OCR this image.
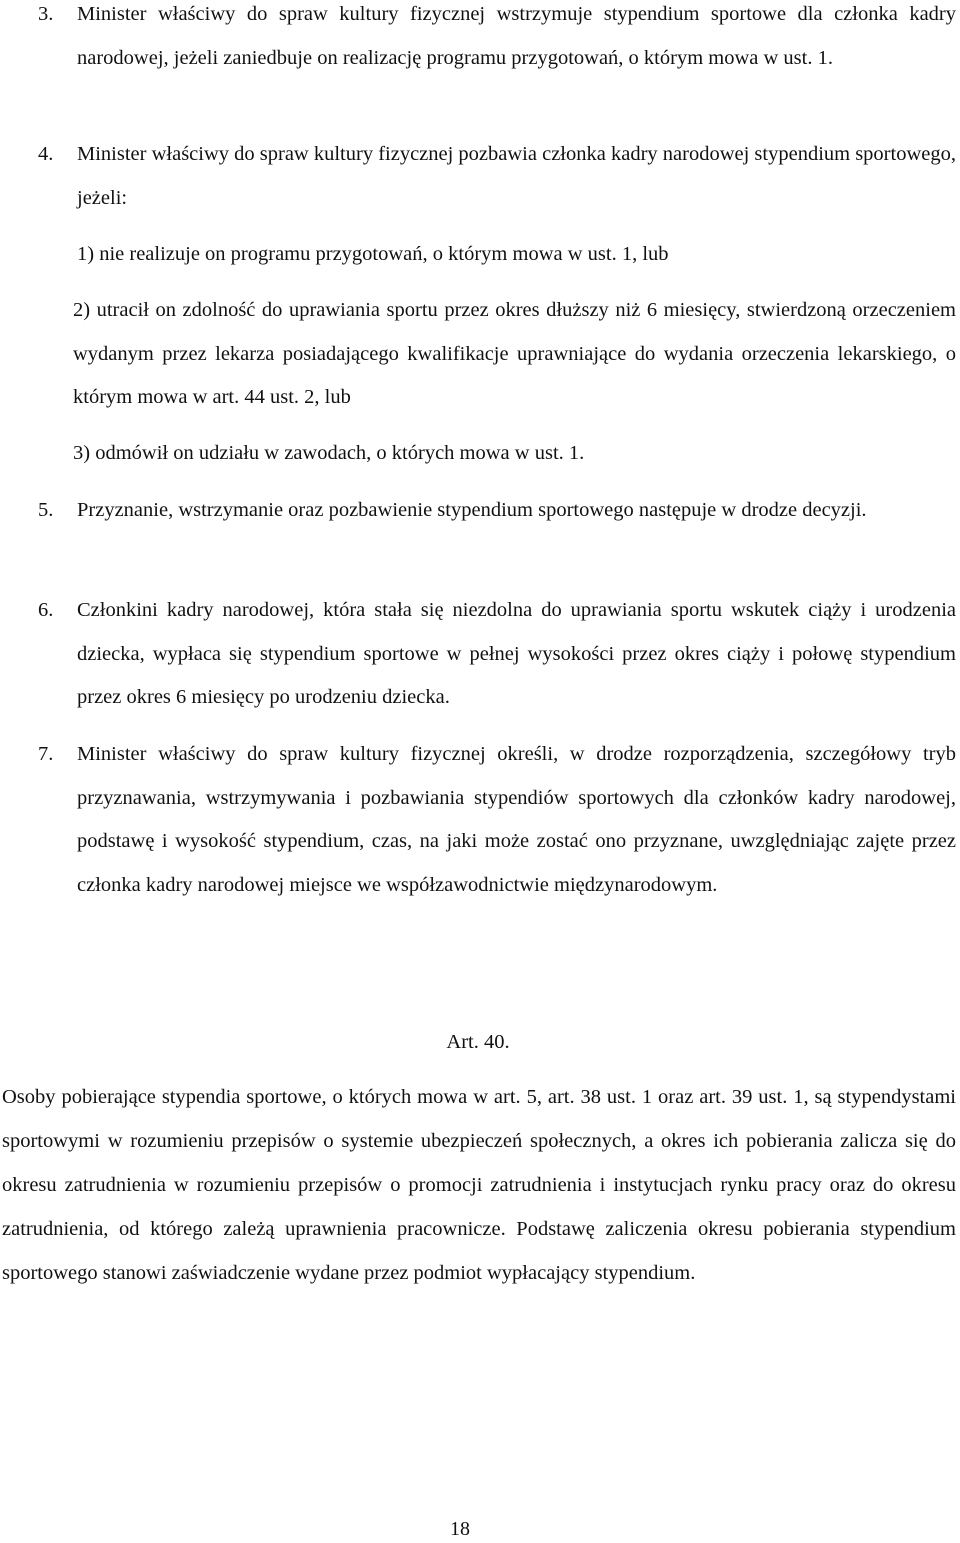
3. Minister właściwy do spraw kultury fizycznej wstrzymuje stypendium sportowe dla członka kadry narodowej, jeżeli zaniedbuje on realizację programu przygotowań, o którym mowa w ust. 1.
4. Minister właściwy do spraw kultury fizycznej pozbawia członka kadry narodowej stypendium sportowego, jeżeli:
1) nie realizuje on programu przygotowań, o którym mowa w ust. 1, lub
2) utracił on zdolność do uprawiania sportu przez okres dłuższy niż 6 miesięcy, stwierdzoną orzeczeniem wydanym przez lekarza posiadającego kwalifikacje uprawniające do wydania orzeczenia lekarskiego, o którym mowa w art. 44 ust. 2, lub
3) odmówił on udziału w zawodach, o których mowa w ust. 1.
5. Przyznanie, wstrzymanie oraz pozbawienie stypendium sportowego następuje w drodze decyzji.
6. Członkini kadry narodowej, która stała się niezdolna do uprawiania sportu wskutek ciąży i urodzenia dziecka, wypłaca się stypendium sportowe w pełnej wysokości przez okres ciąży i połowę stypendium przez okres 6 miesięcy po urodzeniu dziecka.
7. Minister właściwy do spraw kultury fizycznej określi, w drodze rozporządzenia, szczegółowy tryb przyznawania, wstrzymywania i pozbawiania stypendiów sportowych dla członków kadry narodowej, podstawę i wysokość stypendium, czas, na jaki może zostać ono przyznane, uwzględniając zajęte przez członka kadry narodowej miejsce we współzawodnictwie międzynarodowym.
Art. 40.
Osoby pobierające stypendia sportowe, o których mowa w art. 5, art. 38 ust. 1 oraz art. 39 ust. 1, są stypendystami sportowymi w rozumieniu przepisów o systemie ubezpieczeń społecznych, a okres ich pobierania zalicza się do okresu zatrudnienia w rozumieniu przepisów o promocji zatrudnienia i instytucjach rynku pracy oraz do okresu zatrudnienia, od którego zależą uprawnienia pracownicze. Podstawę zaliczenia okresu pobierania stypendium sportowego stanowi zaświadczenie wydane przez podmiot wypłacający stypendium.
18
